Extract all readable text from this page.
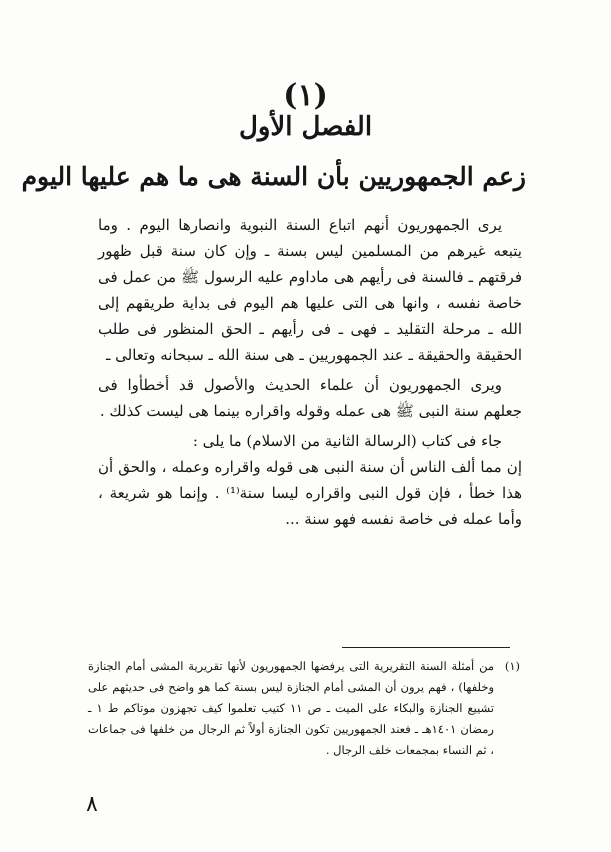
(١)
الفصل الأول
زعم الجمهوريين بأن السنة هى ما هم عليها اليوم

يرى الجمهوريون أنهم اتباع السنة النبوية وانصارها اليوم . وما يتبعه غيرهم من المسلمين ليس بسنة ـ وإن كان سنة قبل ظهور فرقتهم ـ فالسنة فى رأيهم هى ماداوم عليه الرسول ﷺ من عمل فى خاصة نفسه ، وانها هى التى عليها هم اليوم فى بداية طريقهم إلى الله ـ مرحلة التقليد ـ فهى ـ فى رأيهم ـ الحق المنظور فى طلب الحقيقة والحقيقة ـ عند الجمهوريين ـ هى سنة الله ـ سبحانه وتعالى ـ

ويرى الجمهوريون أن علماء الحديث والأصول قد أخطأوا فى جعلهم سنة النبى ﷺ هى عمله وقوله واقراره بينما هى ليست كذلك .

جاء فى كتاب (الرسالة الثانية من الاسلام) ما يلى :

إن مما ألف الناس أن سنة النبى هى قوله واقراره وعمله ، والحق أن هذا خطأ ، فإن قول النبى واقراره ليسا سنة⁽¹⁾ . وإنما هو شريعة ، وأما عمله فى خاصة نفسه فهو سنة ...

(١)

من أمثلة السنة التقريرية التى يرفضها الجمهوريون لأنها تقريرية المشى أمام الجنازة وخلفها) ، فهم يرون أن المشى أمام الجنازة ليس بسنة كما هو واضح فى حديثهم على تشييع الجنازة والبكاء على الميت ـ ص ١١ كتيب تعلموا كيف تجهزون موتاكم ط ١ ـ رمضان ١٤٠١هـ ـ فعند الجمهوريين تكون الجنازة أولاً ثم الرجال من خلفها فى جماعات ، ثم النساء بمجمعات خلف الرجال .

٨
